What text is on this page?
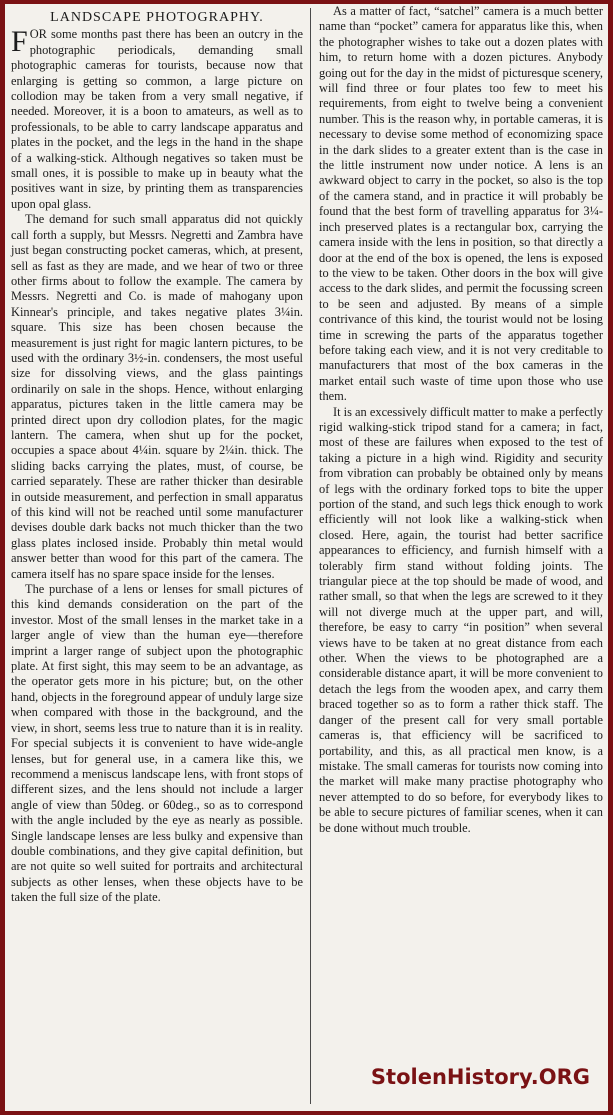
LANDSCAPE PHOTOGRAPHY.

FOR some months past there has been an outcry in the photographic periodicals, demanding small photographic cameras for tourists, because now that enlarging is getting so common, a large picture on collodion may be taken from a very small negative, if needed. Moreover, it is a boon to amateurs, as well as to professionals, to be able to carry landscape apparatus and plates in the pocket, and the legs in the hand in the shape of a walking-stick. Although negatives so taken must be small ones, it is possible to make up in beauty what the positives want in size, by printing them as transparencies upon opal glass.

The demand for such small apparatus did not quickly call forth a supply, but Messrs. Negretti and Zambra have just began constructing pocket cameras, which, at present, sell as fast as they are made, and we hear of two or three other firms about to follow the example. The camera by Messrs. Negretti and Co. is made of mahogany upon Kinnear's principle, and takes negative plates 3¼in. square. This size has been chosen because the measurement is just right for magic lantern pictures, to be used with the ordinary 3½-in. condensers, the most useful size for dissolving views, and the glass paintings ordinarily on sale in the shops. Hence, without enlarging apparatus, pictures taken in the little camera may be printed direct upon dry collodion plates, for the magic lantern. The camera, when shut up for the pocket, occupies a space about 4¼in. square by 2¼in. thick. The sliding backs carrying the plates, must, of course, be carried separately. These are rather thicker than desirable in outside measurement, and perfection in small apparatus of this kind will not be reached until some manufacturer devises double dark backs not much thicker than the two glass plates inclosed inside. Probably thin metal would answer better than wood for this part of the camera. The camera itself has no spare space inside for the lenses.

The purchase of a lens or lenses for small pictures of this kind demands consideration on the part of the investor. Most of the small lenses in the market take in a larger angle of view than the human eye—therefore imprint a larger range of subject upon the photographic plate. At first sight, this may seem to be an advantage, as the operator gets more in his picture; but, on the other hand, objects in the foreground appear of unduly large size when compared with those in the background, and the view, in short, seems less true to nature than it is in reality. For special subjects it is convenient to have wide-angle lenses, but for general use, in a camera like this, we recommend a meniscus landscape lens, with front stops of different sizes, and the lens should not include a larger angle of view than 50deg. or 60deg., so as to correspond with the angle included by the eye as nearly as possible. Single landscape lenses are less bulky and expensive than double combinations, and they give capital definition, but are not quite so well suited for portraits and architectural subjects as other lenses, when these objects have to be taken the full size of the plate.

As a matter of fact, “satchel” camera is a much better name than “pocket” camera for apparatus like this, when the photographer wishes to take out a dozen plates with him, to return home with a dozen pictures. Anybody going out for the day in the midst of picturesque scenery, will find three or four plates too few to meet his requirements, from eight to twelve being a convenient number. This is the reason why, in portable cameras, it is necessary to devise some method of economizing space in the dark slides to a greater extent than is the case in the little instrument now under notice. A lens is an awkward object to carry in the pocket, so also is the top of the camera stand, and in practice it will probably be found that the best form of travelling apparatus for 3¼-inch preserved plates is a rectangular box, carrying the camera inside with the lens in position, so that directly a door at the end of the box is opened, the lens is exposed to the view to be taken. Other doors in the box will give access to the dark slides, and permit the focussing screen to be seen and adjusted. By means of a simple contrivance of this kind, the tourist would not be losing time in screwing the parts of the apparatus together before taking each view, and it is not very creditable to manufacturers that most of the box cameras in the market entail such waste of time upon those who use them.

It is an excessively difficult matter to make a perfectly rigid walking-stick tripod stand for a camera; in fact, most of these are failures when exposed to the test of taking a picture in a high wind. Rigidity and security from vibration can probably be obtained only by means of legs with the ordinary forked tops to bite the upper portion of the stand, and such legs thick enough to work efficiently will not look like a walking-stick when closed. Here, again, the tourist had better sacrifice appearances to efficiency, and furnish himself with a tolerably firm stand without folding joints. The triangular piece at the top should be made of wood, and rather small, so that when the legs are screwed to it they will not diverge much at the upper part, and will, therefore, be easy to carry “in position” when several views have to be taken at no great distance from each other. When the views to be photographed are a considerable distance apart, it will be more convenient to detach the legs from the wooden apex, and carry them braced together so as to form a rather thick staff. The danger of the present call for very small portable cameras is, that efficiency will be sacrificed to portability, and this, as all practical men know, is a mistake. The small cameras for tourists now coming into the market will make many practise photography who never attempted to do so before, for everybody likes to be able to secure pictures of familiar scenes, when it can be done without much trouble.

StolenHistory.ORG
